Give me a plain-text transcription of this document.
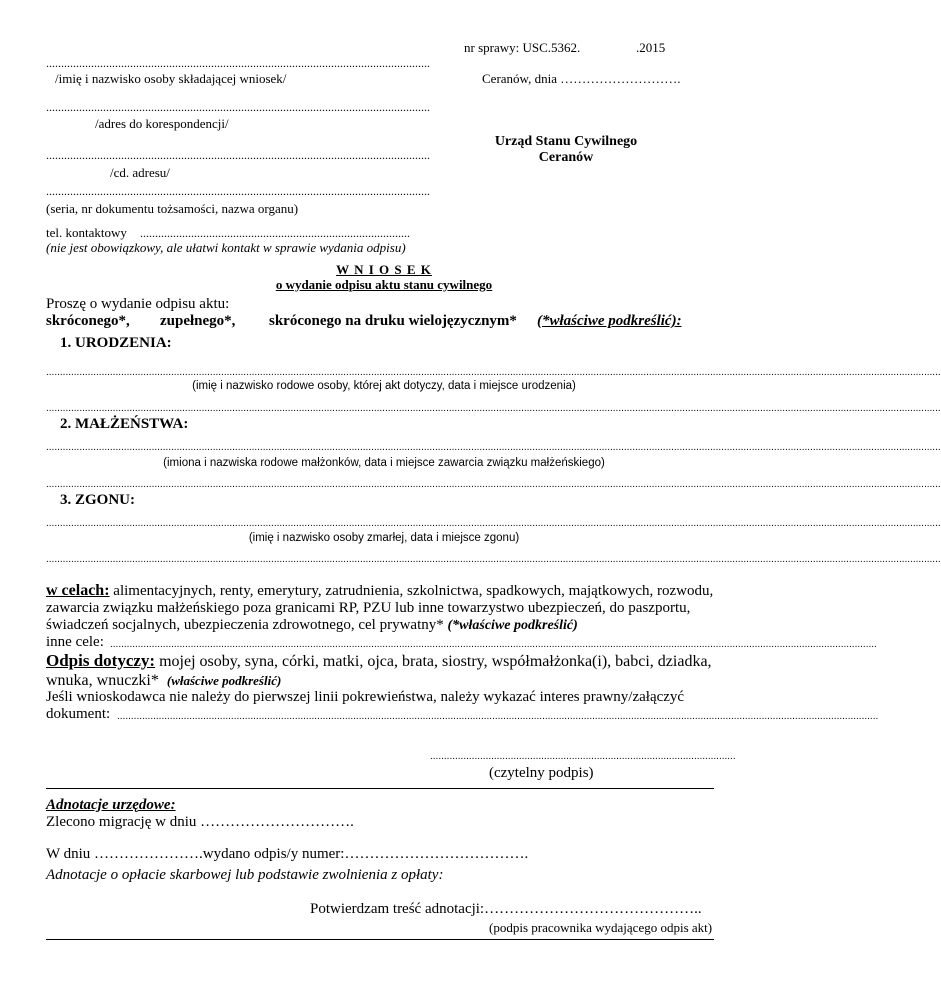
nr sprawy: USC.5362.	.2015
................................................................................................................................
/imię i nazwisko osoby składającej wniosek/	Ceranów, dnia ……………………….
................................................................................................................................
/adres do korespondencji/
Urząd Stanu Cywilnego
Ceranów
................................................................................................................................
/cd. adresu/
................................................................................................................................
(seria, nr dokumentu tożsamości, nazwa organu)
tel. kontaktowy ..........................................................................................
(nie jest obowiązkowy, ale ułatwi kontakt w sprawie wydania odpisu)
W N I O S E K
o wydanie odpisu aktu stanu cywilnego
Proszę o wydanie odpisu aktu:
skróconego*, zupełnego*, skróconego na druku wielojęzycznym* (*właściwe podkreślić):
1. URODZENIA:
..................................................................................................................................................................................................................................................................................................................................
(imię i nazwisko rodowe osoby, której akt dotyczy, data i miejsce urodzenia)
..................................................................................................................................................................................................................................................................................................................................
2. MAŁŻEŃSTWA:
..................................................................................................................................................................................................................................................................................................................................
(imiona i nazwiska rodowe małżonków, data i miejsce zawarcia związku małżeńskiego)
..................................................................................................................................................................................................................................................................................................................................
3. ZGONU:
..................................................................................................................................................................................................................................................................................................................................
(imię i nazwisko osoby zmarłej, data i miejsce zgonu)
..................................................................................................................................................................................................................................................................................................................................
w celach: alimentacyjnych, renty, emerytury, zatrudnienia, szkolnictwa, spadkowych, majątkowych, rozwodu, zawarcia związku małżeńskiego poza granicami RP, PZU lub inne towarzystwo ubezpieczeń, do paszportu, świadczeń socjalnych, ubezpieczenia zdrowotnego, cel prywatny* (*właściwe podkreślić)
inne cele: ....................................................................................................................................................................................................................................................................................
Odpis dotyczy: mojej osoby, syna, córki, matki, ojca, brata, siostry, współmałżonka(i), babci, dziadka, wnuka, wnuczki* (właściwe podkreślić)
Jeśli wnioskodawca nie należy do pierwszej linii pokrewieństwa, należy wykazać interes prawny/załączyć
dokument: ..................................................................................................................................................................................................................................................................................
..............................................................................................................
(czytelny podpis)
Adnotacje urzędowe:
Zlecono migrację w dniu ………………………….
W dniu ………………….wydano odpis/y numer:……………………………….
Adnotacje o opłacie skarbowej lub podstawie zwolnienia z opłaty:
Potwierdzam treść adnotacji:……………………………………..
(podpis pracownika wydającego odpis akt)
